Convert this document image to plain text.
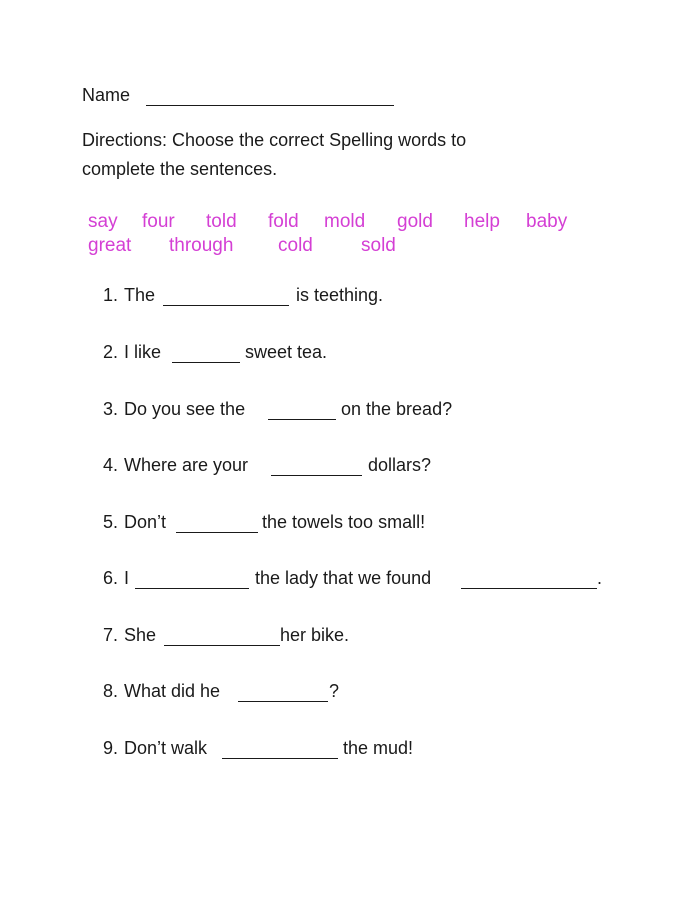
Name
Directions: Choose the correct Spelling words to
complete the sentences.
say four told fold mold gold help baby
great through cold	sold
1. The	is teething.
2. I like	sweet tea.
3. Do you see the	on the bread?
4. Where are your	dollars?
5. Don’t	the towels too small!
6. I	the lady that we found	.
7. She	her bike.
8. What did he	?
9. Don’t walk	the mud!
